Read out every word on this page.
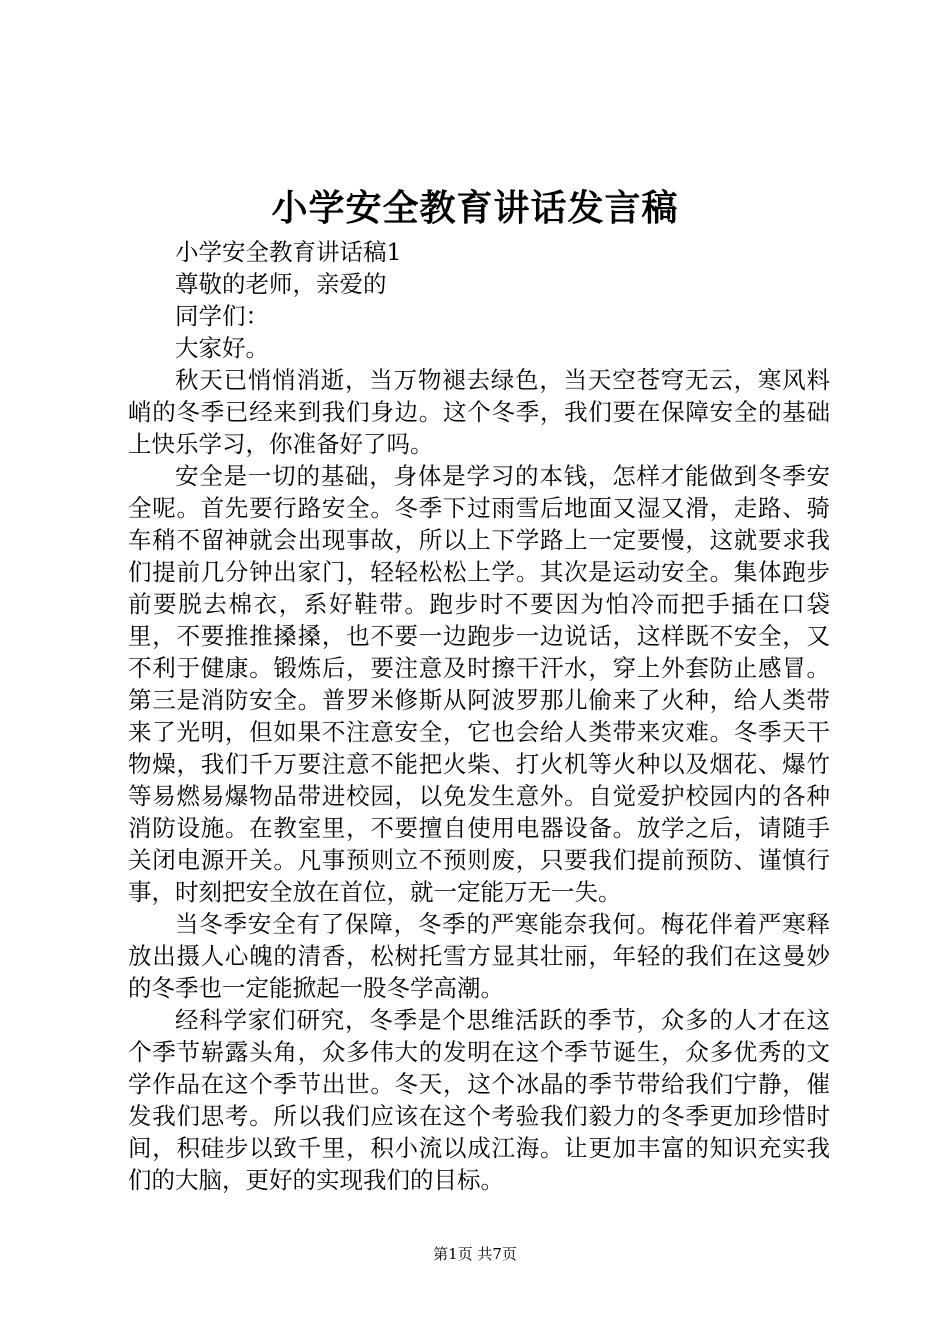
小学安全教育讲话发言稿

小学安全教育讲话稿1

尊敬的老师，亲爱的

同学们：

大家好。

秋天已悄悄消逝，当万物褪去绿色，当天空苍穹无云，寒风料峭的冬季已经来到我们身边。这个冬季，我们要在保障安全的基础上快乐学习，你准备好了吗。

安全是一切的基础，身体是学习的本钱，怎样才能做到冬季安全呢。首先要行路安全。冬季下过雨雪后地面又湿又滑，走路、骑车稍不留神就会出现事故，所以上下学路上一定要慢，这就要求我们提前几分钟出家门，轻轻松松上学。其次是运动安全。集体跑步前要脱去棉衣，系好鞋带。跑步时不要因为怕冷而把手插在口袋里，不要推推搡搡，也不要一边跑步一边说话，这样既不安全，又不利于健康。锻炼后，要注意及时擦干汗水，穿上外套防止感冒。第三是消防安全。普罗米修斯从阿波罗那儿偷来了火种，给人类带来了光明，但如果不注意安全，它也会给人类带来灾难。冬季天干物燥，我们千万要注意不能把火柴、打火机等火种以及烟花、爆竹等易燃易爆物品带进校园，以免发生意外。自觉爱护校园内的各种消防设施。在教室里，不要擅自使用电器设备。放学之后，请随手关闭电源开关。凡事预则立不预则废，只要我们提前预防、谨慎行事，时刻把安全放在首位，就一定能万无一失。

当冬季安全有了保障，冬季的严寒能奈我何。梅花伴着严寒释放出摄人心魄的清香，松树托雪方显其壮丽，年轻的我们在这曼妙的冬季也一定能掀起一股冬学高潮。

经科学家们研究，冬季是个思维活跃的季节，众多的人才在这个季节崭露头角，众多伟大的发明在这个季节诞生，众多优秀的文学作品在这个季节出世。冬天，这个冰晶的季节带给我们宁静，催发我们思考。所以我们应该在这个考验我们毅力的冬季更加珍惜时间，积硅步以致千里，积小流以成江海。让更加丰富的知识充实我们的大脑，更好的实现我们的目标。

第1页 共7页
